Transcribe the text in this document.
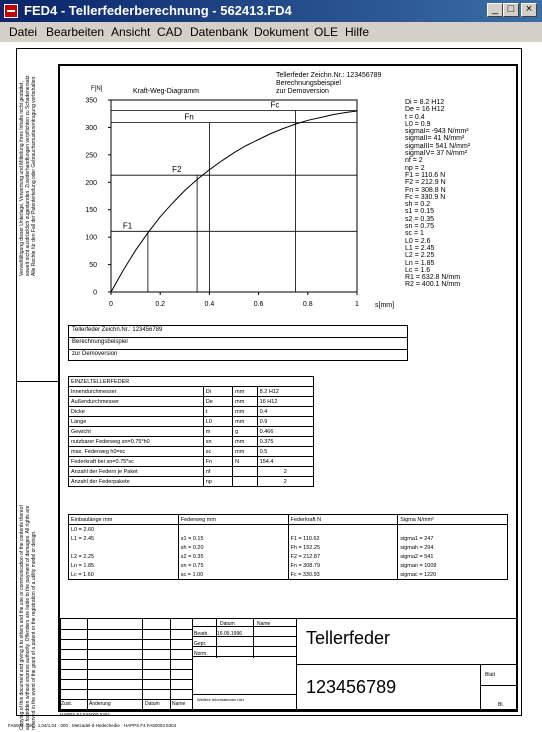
FED4 - Tellerfederberechnung - 562413.FD4	_ □	×
Datei Bearbeiten Ansicht CAD Datenbank Dokument OLE Hilfe
Vervielfältigung dieser Unterlage, Verwertung und Mitteilung ihres Inhalts nicht gestattet, soweit nicht ausdrücklich zugestanden. Zuwiderhandlungen verpflichten zu Schadenersatz. Alle Rechte für den Fall der Patenterteilung oder Gebrauchsmustereintragung vorbehalten.
Copying of this document and giving it to others and the use or communication of the contents thereof are forbidden without express authority. Offenders are liable to the payment of damages. All rights are reserved in the event of the grant of a patent or the registration of a utility model or design.
Tellerfeder Zeichn.Nr.: 123456789
Berechnungsbeispiel
zur Demoversion
0
50
100
150
200
250
300
350
0	0.2	0.4	0.6	0.8	1
F[N]
s[mm]
Kraft-Weg-Diagramm
F1
F2
Fn
Fc	Di = 8.2 H12
De = 16 H12
t = 0.4
L0 = 0.9
sigmaI= -943 N/mm²
sigmaII= 41 N/mm²
sigmaIII= 541 N/mm²
sigmaIV= 37 N/mm²
nf = 2
np = 2
F1 = 110.6 N
F2 = 212.9 N
Fn = 308.8 N
Fc = 330.9 N
sh = 0.2
s1 = 0.15
s2 = 0.35
sn = 0.75
sc = 1
L0 = 2.6
L1 = 2.45
L2 = 2.25
Ln = 1.85
Lc = 1.6
R1 = 632.8 N/mm
R2 = 400.1 N/mm
Tellerfeder Zeichn.Nr.: 123456789
Berechnungsbeispiel
zur Demoversion
EINZELTELLERFEDER			
Innendurchmesser	Di	mm	8.2 H12
Außendurchmesser	De	mm	16 H12
Dicke	t	mm	0.4
Länge	L0	mm	0.9
Gewicht	m	g	0.466
nutzbarer Federweg sn=0.75*h0	sn	mm	0.375
max. Federweg h0=sc	sc	mm	0.5
Federkraft bei sn=0.75*sc	Fn	N	154.4
Anzahl der Federn je Paket	nf		2
Anzahl der Federpakete	np		2
Einbaulänge mm	Federweg mm	Federkraft N	Sigma N/mm²
L0 = 2.60			
L1 = 2.45	s1 = 0.15	F1 = 110.62	sigma1 = 247
	sh = 0.20	Fh = 152.25	sigmah = 294
L2 = 2.25	s2 = 0.35	F2 = 212.87	sigma2 = 541
Ln = 1.85	sn = 0.75	Fn = 308.79	sigman = 1009
Lc = 1.60	sc = 1.00	Fc = 330.93	sigmac = 1220
Datum	Name
Bearb. 16.05.1996
Gepr.
Norm.
Tellerfeder
123456789
Blatt
Bl.
Zust.	Änderung	Datum Name
Weitere Informationen hier
HAPPS F4 FA5000 5304
FA5000 · 5/6 · 1,04/1,04 · 000 · Metzadel·d·Hedecheibe · HAPPS F4 FA50003 5304
